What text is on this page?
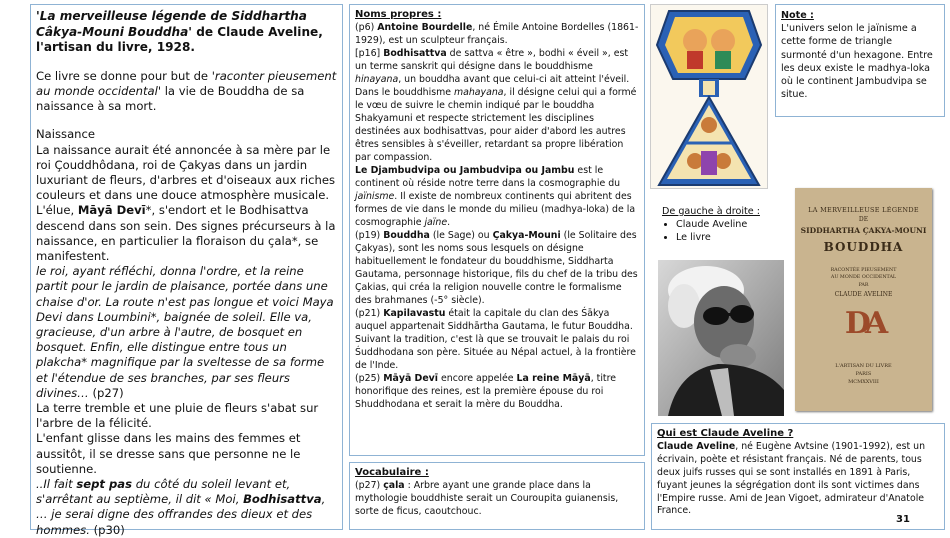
'La merveilleuse légende de Siddhartha Câkya-Mouni Bouddha' de Claude Aveline, l'artisan du livre, 1928.

Ce livre se donne pour but de 'raconter pieusement au monde occidental' la vie de Bouddha de sa naissance à sa mort.

Naissance

La naissance aurait été annoncée à sa mère par le roi Çouddhôdana, roi de Çakyas dans un jardin luxuriant de fleurs, d'arbres et d'oiseaux aux riches couleurs et dans une douce atmosphère musicale. L'élue, Māyā Devī*, s'endort et le Bodhisattva descend dans son sein. Des signes précurseurs à la naissance, en particulier la floraison du çala*, se manifestent.

le roi, ayant réfléchi, donna l'ordre, et la reine partit pour le jardin de plaisance, portée dans une chaise d'or. La route n'est pas longue et voici Maya Devi dans Loumbini*, baignée de soleil. Elle va, gracieuse, d'un arbre à l'autre, de bosquet en bosquet. Enfin, elle distingue entre tous un plakcha* magnifique par la sveltesse de sa forme et l'étendue de ses branches, par ses fleurs divines… (p27)

La terre tremble et une pluie de fleurs s'abat sur l'arbre de la félicité.

L'enfant glisse dans les mains des femmes et aussitôt, il se dresse sans que personne ne le soutienne.

..Il fait sept pas du côté du soleil levant et, s'arrêtant au septième, il dit « Moi, Bodhisattva, … je serai digne des offrandes des dieux et des hommes. (p30)

Noms propres :

(p6) Antoine Bourdelle, né Émile Antoine Bordelles (1861-1929), est un sculpteur français.

[p16] Bodhisattva de sattva « être », bodhi « éveil », est un terme sanskrit qui désigne dans le bouddhisme hinayana, un bouddha avant que celui-ci ait atteint l'éveil. Dans le bouddhisme mahayana, il désigne celui qui a formé le vœu de suivre le chemin indiqué par le bouddha Shakyamuni et respecte strictement les disciplines destinées aux bodhisattvas, pour aider d'abord les autres êtres sensibles à s'éveiller, retardant sa propre libération par compassion.

Le Djambudvipa ou Jambudvipa ou Jambu est le continent où réside notre terre dans la cosmographie du jaïnisme. Il existe de nombreux continents qui abritent des formes de vie dans le monde du milieu (madhya-loka) de la cosmographie jaïne.

(p19) Bouddha (le Sage) ou Çakya-Mouni (le Solitaire des Çakyas), sont les noms sous lesquels on désigne habituellement le fondateur du bouddhisme, Siddharta Gautama, personnage historique, fils du chef de la tribu des Çakias, qui créa la religion nouvelle contre le formalisme des brahmanes (-5° siècle).

(p21) Kapilavastu était la capitale du clan des Śākya auquel appartenait Siddhārtha Gautama, le futur Bouddha. Suivant la tradition, c'est là que se trouvait le palais du roi Śuddhodana son père. Située au Népal actuel, à la frontière de l'Inde.

(p25) Māyā Devī encore appelée La reine Māyā, titre honorifique des reines, est la première épouse du roi Shuddhodana et serait la mère du Bouddha.

Vocabulaire :

(p27) çala : Arbre ayant une grande place dans la mythologie bouddhiste serait un Couroupita guianensis, sorte de ficus, caoutchouc.

Note :

L'univers selon le jaïnisme a cette forme de triangle surmonté d'un hexagone. Entre les deux existe le madhya-loka où le continent Jambudvipa se situe.

De gauche à droite :
• Claude Aveline
• Le livre
LA MERVEILLEUSE LÉGENDE
DE
SIDDHARTHA ÇAKYA-MOUNI
BOUDDHA
RACONTÉE PIEUSEMENT
AU MONDE OCCIDENTAL
PAR
CLAUDE AVELINE
DA
L'ARTISAN DU LIVRE
PARIS
MCMXXVIII

Qui est Claude Aveline ?

Claude Aveline, né Eugène Avtsine (1901-1992), est un écrivain, poète et résistant français. Né de parents, tous deux juifs russes qui se sont installés en 1891 à Paris, fuyant jeunes la ségrégation dont ils sont victimes dans l'Empire russe. Ami de Jean Vigoet, admirateur d'Anatole France.

31
